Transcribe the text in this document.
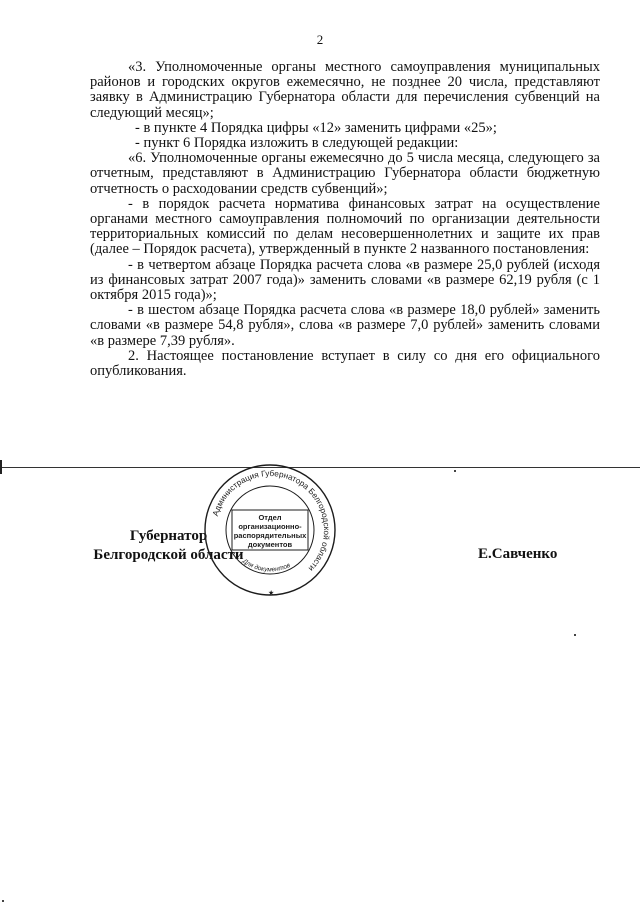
2

«3. Уполномоченные органы местного самоуправления муниципальных районов и городских округов ежемесячно, не позднее 20 числа, представляют заявку в Администрацию Губернатора области для перечисления субвенций на следующий месяц»;

- в пункте 4 Порядка цифры «12» заменить цифрами «25»;

- пункт 6 Порядка изложить в следующей редакции:

«6. Уполномоченные органы ежемесячно до 5 числа месяца, следующего за отчетным, представляют в Администрацию Губернатора области бюджетную отчетность о расходовании средств субвенций»;

- в порядок расчета норматива финансовых затрат на осуществление органами местного самоуправления полномочий по организации деятельности территориальных комиссий по делам несовершеннолетних и защите их прав (далее – Порядок расчета), утвержденный в пункте 2 названного постановления:

- в четвертом абзаце Порядка расчета слова «в размере 25,0 рублей (исходя из финансовых затрат 2007 года)» заменить словами «в размере 62,19 рубля (с 1 октября 2015 года)»;

- в шестом абзаце Порядка расчета слова «в размере 18,0 рублей» заменить словами «в размере 54,8 рубля», слова «в размере 7,0 рублей» заменить словами «в размере 7,39 рубля».

2. Настоящее постановление вступает в силу со дня его официального опубликования.

Губернатор
Белгородской области
Администрация Губернатора Белгородской области
Отдел
организационно-
распорядительных
документов
Для документов
★
Е.Савченко
